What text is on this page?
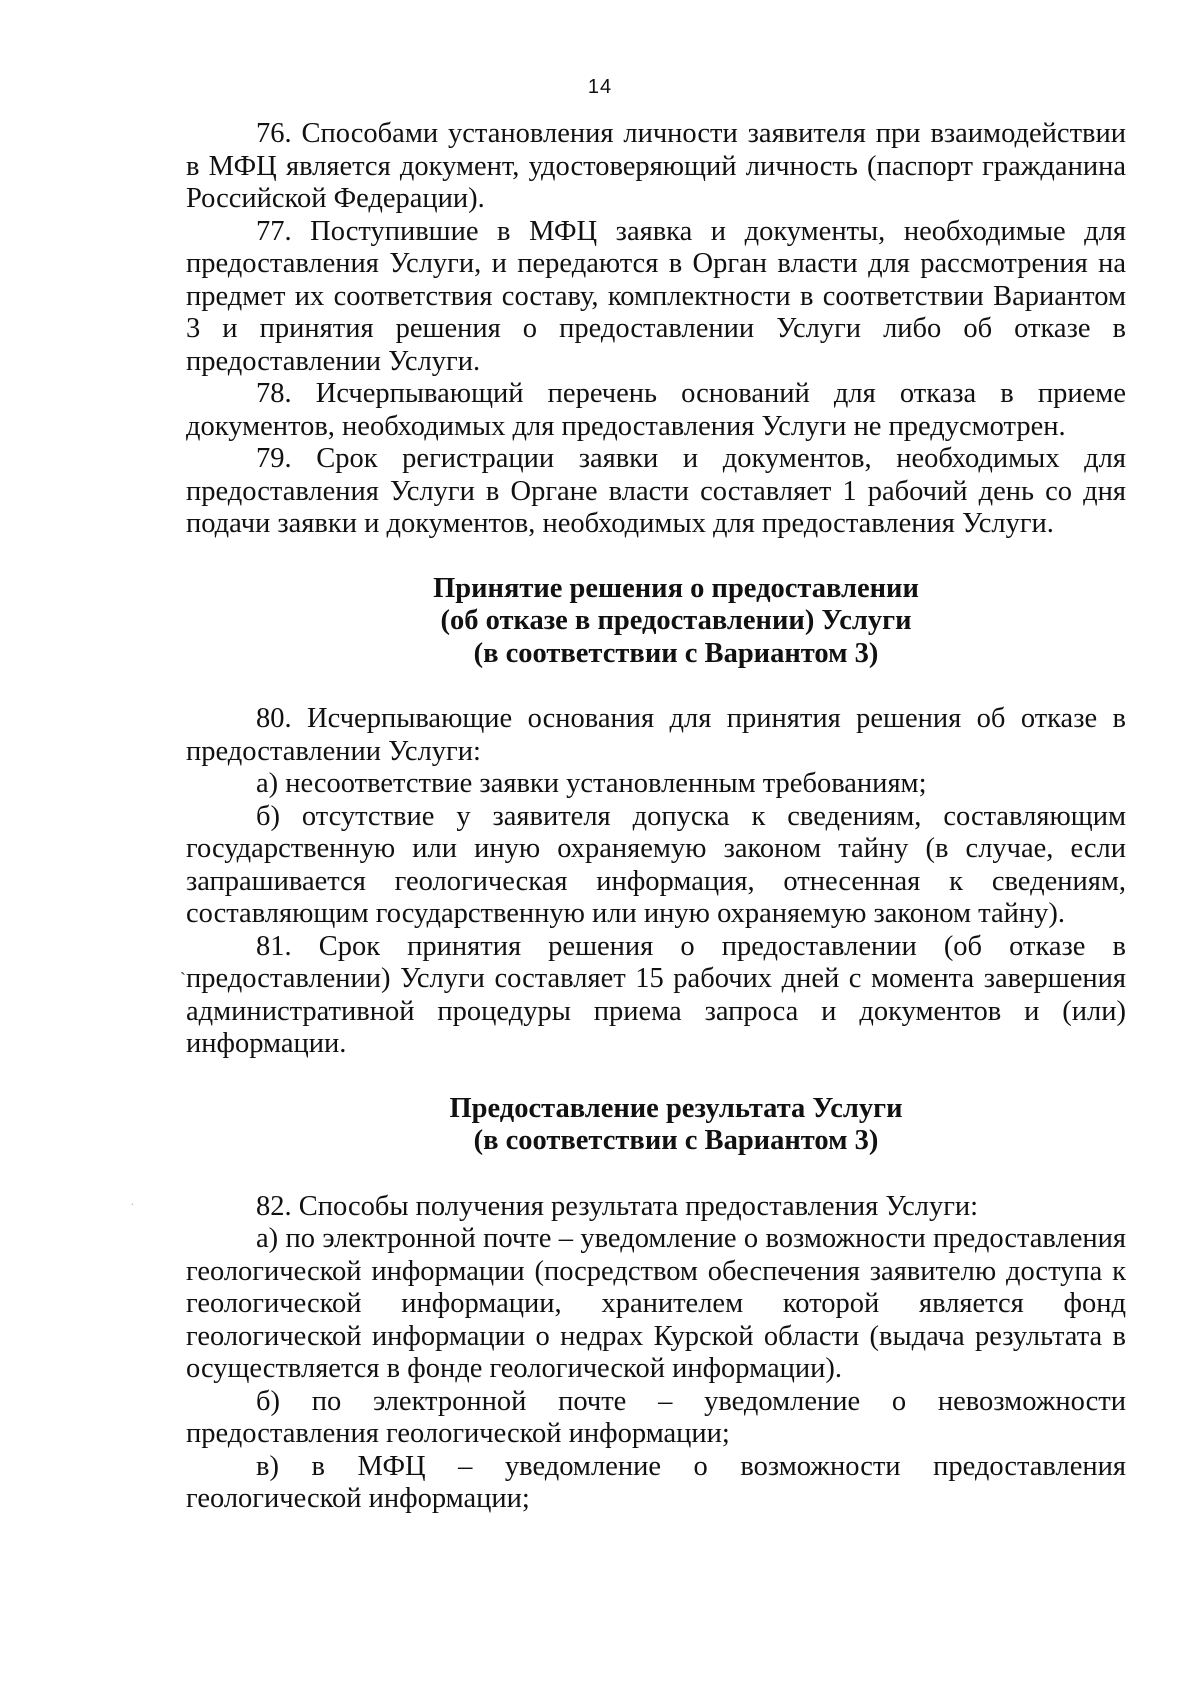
14
ˎ
·

76. Способами установления личности заявителя при взаимодействии в МФЦ является документ, удостоверяющий личность (паспорт гражданина Российской Федерации).

77. Поступившие в МФЦ заявка и документы, необходимые для предоставления Услуги, и передаются в Орган власти для рассмотрения на предмет их соответствия составу, комплектности в соответствии Вариантом 3 и принятия решения о предоставлении Услуги либо об отказе в предоставлении Услуги.

78. Исчерпывающий перечень оснований для отказа в приеме документов, необходимых для предоставления Услуги не предусмотрен.

79. Срок регистрации заявки и документов, необходимых для предоставления Услуги в Органе власти составляет 1 рабочий день со дня подачи заявки и документов, необходимых для предоставления Услуги.

Принятие решения о предоставлении
(об отказе в предоставлении) Услуги
(в соответствии с Вариантом 3)

80. Исчерпывающие основания для принятия решения об отказе в предоставлении Услуги:

а) несоответствие заявки установленным требованиям;

б) отсутствие у заявителя допуска к сведениям, составляющим государственную или иную охраняемую законом тайну (в случае, если запрашивается геологическая информация, отнесенная к сведениям, составляющим государственную или иную охраняемую законом тайну).

81. Срок принятия решения о предоставлении (об отказе в предоставлении) Услуги составляет 15 рабочих дней с момента завершения административной процедуры приема запроса и документов и (или) информации.

Предоставление результата Услуги
(в соответствии с Вариантом 3)

82. Способы получения результата предоставления Услуги:

а) по электронной почте – уведомление о возможности предоставления геологической информации (посредством обеспечения заявителю доступа к геологической информации, хранителем которой является фонд геологической информации о недрах Курской области (выдача результата в осуществляется в фонде геологической информации).

б) по электронной почте – уведомление о невозможности предоставления геологической информации;

в) в МФЦ – уведомление о возможности предоставления геологической информации;
